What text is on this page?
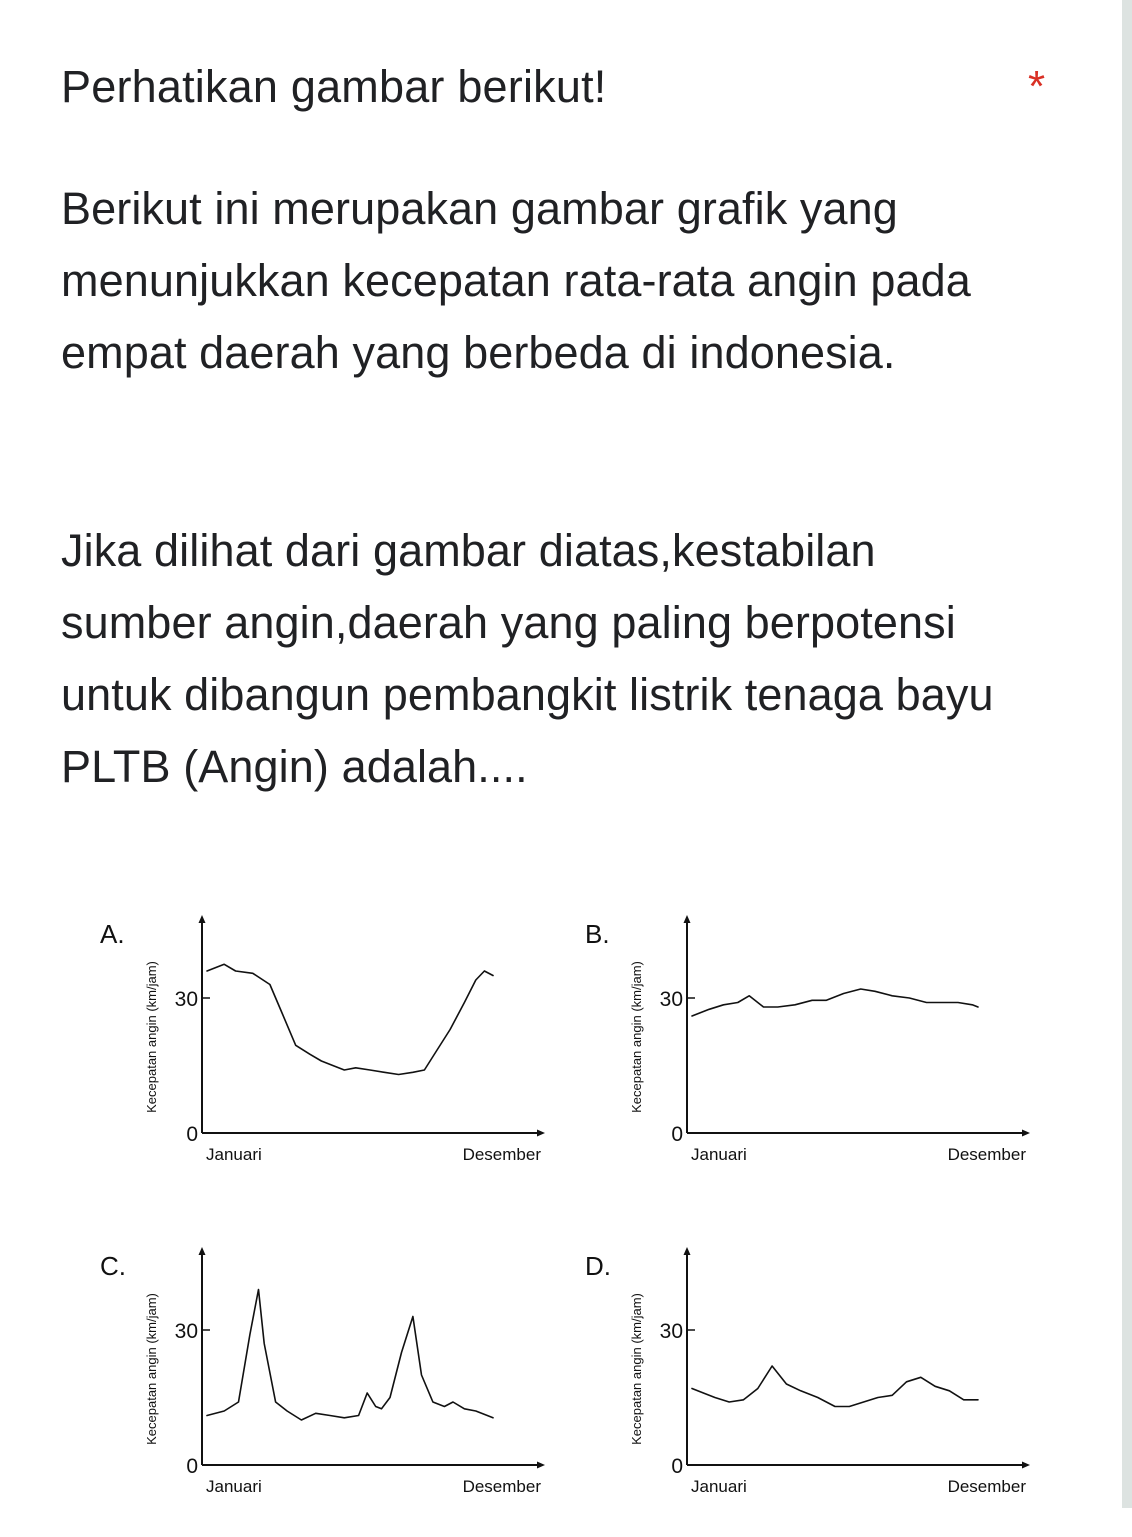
Perhatikan gambar berikut!	*

Berikut ini merupakan gambar grafik yang menunjukkan kecepatan rata-rata angin pada empat daerah yang berbeda di indonesia.

Jika dilihat dari gambar diatas,kestabilan sumber angin,daerah yang paling berpotensi untuk dibangun pembangkit listrik tenaga bayu PLTB (Angin) adalah....

A.
Kecepatan angin (km/jam)
0
30
Januari	Desember
B.
Kecepatan angin (km/jam)
0
30
Januari	Desember
C.
Kecepatan angin (km/jam)
0
30
Januari	Desember
D.
Kecepatan angin (km/jam)
0
30
Januari	Desember
